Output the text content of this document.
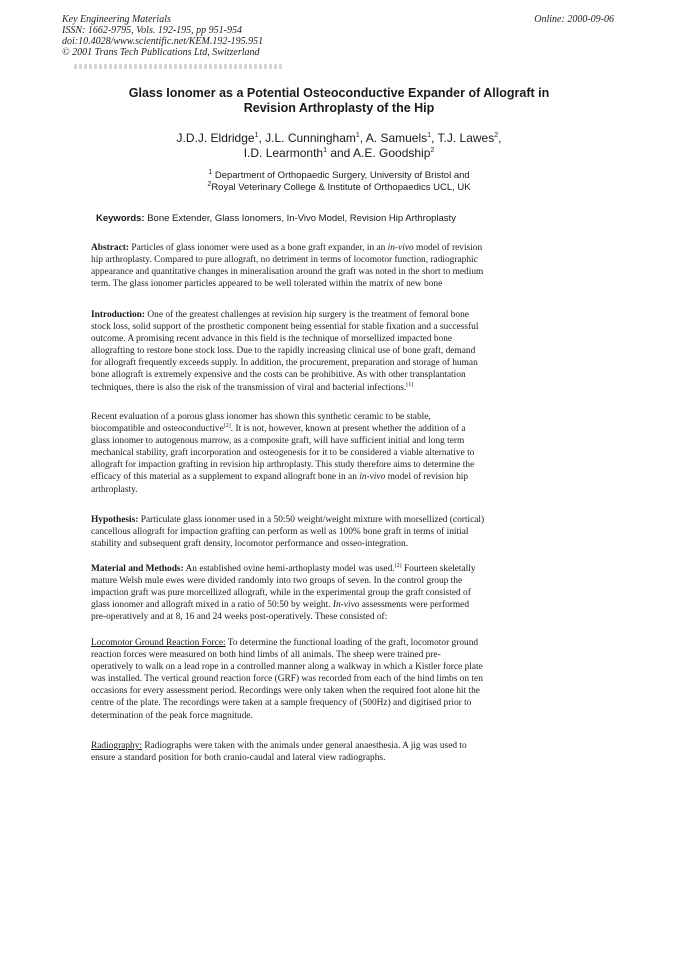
Key Engineering Materials
ISSN: 1662-9795, Vols. 192-195, pp 951-954
doi:10.4028/www.scientific.net/KEM.192-195.951
© 2001 Trans Tech Publications Ltd, Switzerland
Online: 2000-09-06
Glass Ionomer as a Potential Osteoconductive Expander of Allograft in
Revision Arthroplasty of the Hip
J.D.J. Eldridge$^1$, J.L. Cunningham$^1$, A. Samuels$^1$, T.J. Lawes$^2$,
I.D. Learmonth$^1$ and A.E. Goodship$^2$
$^1$ Department of Orthopaedic Surgery, University of Bristol and
$^2$Royal Veterinary College & Institute of Orthopaedics UCL, UK
Keywords: Bone Extender, Glass Ionomers, In-Vivo Model, Revision Hip Arthroplasty
Abstract: Particles of glass ionomer were used as a bone graft expander, in an in-vivo model of revision
hip arthroplasty. Compared to pure allograft, no detriment in terms of locomotor function, radiographic
appearance and quantitative changes in mineralisation around the graft was noted in the short to medium
term. The glass ionomer particles appeared to be well tolerated within the matrix of new bone
Introduction: One of the greatest challenges at revision hip surgery is the treatment of femoral bone
stock loss, solid support of the prosthetic component being essential for stable fixation and a successful
outcome. A promising recent advance in this field is the technique of morsellized impacted bone
allografting to restore bone stock loss. Due to the rapidly increasing clinical use of bone graft, demand
for allograft frequently exceeds supply. In addition, the procurement, preparation and storage of human
bone allograft is extremely expensive and the costs can be prohibitive. As with other transplantation
techniques, there is also the risk of the transmission of viral and bacterial infections.[1]
Recent evaluation of a porous glass ionomer has shown this synthetic ceramic to be stable,
biocompatible and osteoconductive[2]. It is not, however, known at present whether the addition of a
glass ionomer to autogenous marrow, as a composite graft, will have sufficient initial and long term
mechanical stability, graft incorporation and osteogenesis for it to be considered a viable alternative to
allograft for impaction grafting in revision hip arthroplasty. This study therefore aims to determine the
efficacy of this material as a supplement to expand allograft bone in an in-vivo model of revision hip
arthroplasty.
Hypothesis: Particulate glass ionomer used in a 50:50 weight/weight mixture with morsellized (cortical)
cancellous allograft for impaction grafting can perform as well as 100% bone graft in terms of initial
stability and subsequent graft density, locomotor performance and osseo-integration.
Material and Methods: An established ovine hemi-arthoplasty model was used.[2] Fourteen skeletally
mature Welsh mule ewes were divided randomly into two groups of seven. In the control group the
impaction graft was pure morcellized allograft, while in the experimental group the graft consisted of
glass ionomer and allograft mixed in a ratio of 50:50 by weight. In-vivo assessments were performed
pre-operatively and at 8, 16 and 24 weeks post-operatively. These consisted of:
Locomotor Ground Reaction Force: To determine the functional loading of the graft, locomotor ground
reaction forces were measured on both hind limbs of all animals. The sheep were trained pre-
operatively to walk on a lead rope in a controlled manner along a walkway in which a Kistler force plate
was installed. The vertical ground reaction force (GRF) was recorded from each of the hind limbs on ten
occasions for every assessment period. Recordings were only taken when the required foot alone hit the
centre of the plate. The recordings were taken at a sample frequency of (500Hz) and digitised prior to
determination of the peak force magnitude.
Radiography: Radiographs were taken with the animals under general anaesthesia. A jig was used to
ensure a standard position for both cranio-caudal and lateral view radiographs.
